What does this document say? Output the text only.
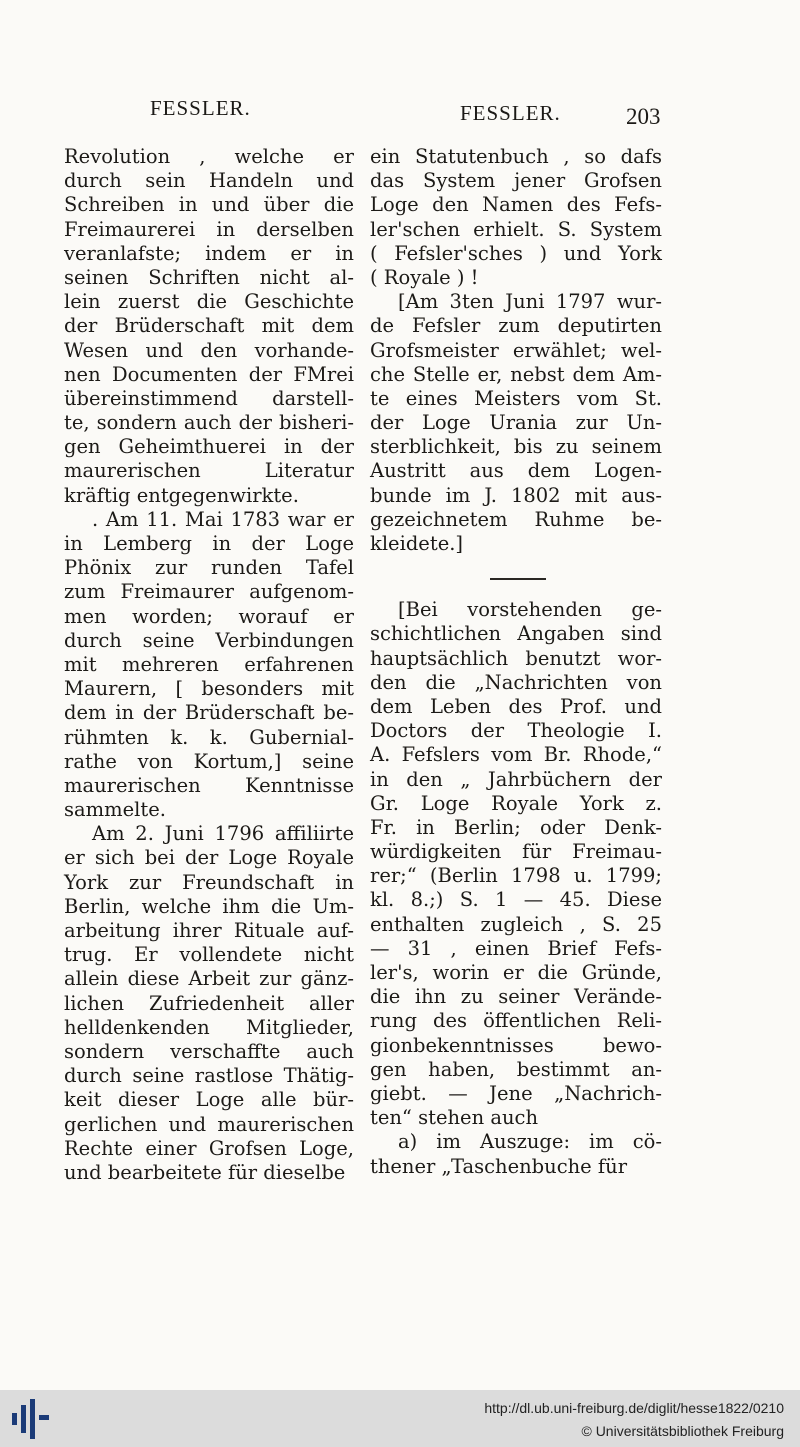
FESSLER.	FESSLER.	203
Revolution , welche er
durch sein Handeln und
Schreiben in und über die
Freimaurerei in derselben
veranlafste; indem er in
seinen Schriften nicht al-
lein zuerst die Geschichte
der Brüderschaft mit dem
Wesen und den vorhande-
nen Documenten der FMrei
übereinstimmend darstell-
te, sondern auch der bisheri-
gen Geheimthuerei in der
maurerischen Literatur
kräftig entgegenwirkte.
. Am 11. Mai 1783 war er
in Lemberg in der Loge
Phönix zur runden Tafel
zum Freimaurer aufgenom-
men worden; worauf er
durch seine Verbindungen
mit mehreren erfahrenen
Maurern, [ besonders mit
dem in der Brüderschaft be-
rühmten k. k. Gubernial-
rathe von Kortum,] seine
maurerischen Kenntnisse
sammelte.
Am 2. Juni 1796 affiliirte
er sich bei der Loge Royale
York zur Freundschaft in
Berlin, welche ihm die Um-
arbeitung ihrer Rituale auf-
trug. Er vollendete nicht
allein diese Arbeit zur gänz-
lichen Zufriedenheit aller
helldenkenden Mitglieder,
sondern verschaffte auch
durch seine rastlose Thätig-
keit dieser Loge alle bür-
gerlichen und maurerischen
Rechte einer Grofsen Loge,
und bearbeitete für dieselbe
ein Statutenbuch , so dafs
das System jener Grofsen
Loge den Namen des Fefs-
ler'schen erhielt. S. System
( Fefsler'sches ) und York
( Royale ) !
[Am 3ten Juni 1797 wur-
de Fefsler zum deputirten
Grofsmeister erwählet; wel-
che Stelle er, nebst dem Am-
te eines Meisters vom St.
der Loge Urania zur Un-
sterblichkeit, bis zu seinem
Austritt aus dem Logen-
bunde im J. 1802 mit aus-
gezeichnetem Ruhme be-
kleidete.]
[Bei vorstehenden ge-
schichtlichen Angaben sind
hauptsächlich benutzt wor-
den die „Nachrichten von
dem Leben des Prof. und
Doctors der Theologie I.
A. Fefslers vom Br. Rhode,“
in den „ Jahrbüchern der
Gr. Loge Royale York z.
Fr. in Berlin; oder Denk-
würdigkeiten für Freimau-
rer;“ (Berlin 1798 u. 1799;
kl. 8.;) S. 1 — 45. Diese
enthalten zugleich , S. 25
— 31 , einen Brief Fefs-
ler's, worin er die Gründe,
die ihn zu seiner Verände-
rung des öffentlichen Reli-
gionbekenntnisses bewo-
gen haben, bestimmt an-
giebt. — Jene „Nachrich-
ten“ stehen auch
a) im Auszuge: im cö-
thener „Taschenbuche für
http://dl.ub.uni-freiburg.de/diglit/hesse1822/0210
© Universitätsbibliothek Freiburg
